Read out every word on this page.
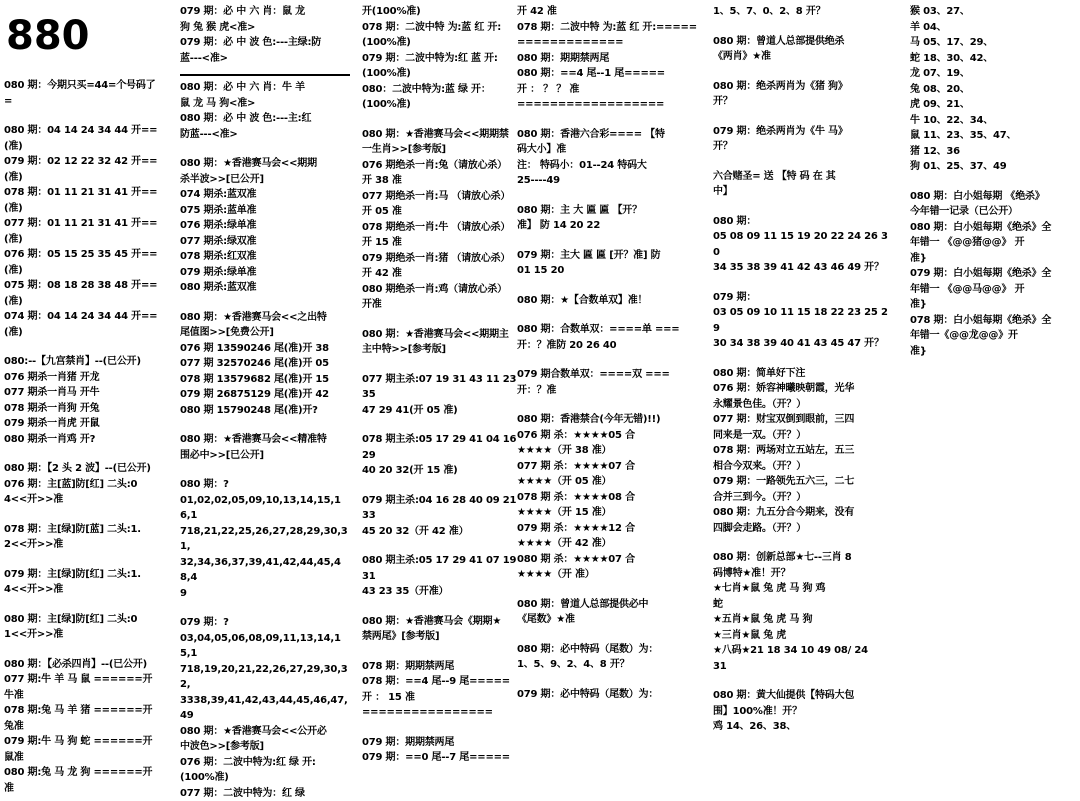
880

080 期：今期只买=44=个号码了

=

080 期：04 14 24 34 44 开==(准)

079 期：02 12 22 32 42 开==(准)

078 期：01 11 21 31 41 开==(准)

077 期：01 11 21 31 41 开==(准)

076 期：05 15 25 35 45 开==(准)

075 期：08 18 28 38 48 开==(准)

074 期：04 14 24 34 44 开==(准)

080:--【九宫禁肖】--(已公开)

076 期杀一肖猪 开龙

077 期杀一肖马 开牛

078 期杀一肖狗 开兔

079 期杀一肖虎 开鼠

080 期杀一肖鸡 开?

080 期：【2 头 2 波】--(已公开)

076 期：主[蓝]防[红] 二头:0

4<<开>>准

078 期：主[绿]防[蓝] 二头:1.

2<<开>>准

079 期：主[绿]防[红] 二头:1.

4<<开>>准

080 期：主[绿]防[红] 二头:0

1<<开>>准

080 期：【必杀四肖】--(已公开)

077 期:牛 羊 马 鼠 ======开

牛准

078 期:兔 马 羊 猪 ======开

兔准

079 期:牛 马 狗 蛇 ======开

鼠准

080 期:兔 马 龙 狗 ======开

准

079 期：必 中 六 肖：鼠 龙

狗 兔 猴 虎<准>

079 期：必 中 波 色:---主绿:防

蓝---<准>

080 期：必 中 六 肖：牛 羊

鼠 龙 马 狗<准>

080 期：必 中 波 色:---主:红

防蓝---<准>

080 期：★香港赛马会<<期期

杀半波>>[已公开]

074 期杀:蓝双准

075 期杀:蓝单准

076 期杀:绿单准

077 期杀:绿双准

078 期杀:红双准

079 期杀:绿单准

080 期杀:蓝双准

080 期：★香港赛马会<<之出特

尾值图>>[免费公开]

076 期 13590246 尾(准)开 38

077 期 32570246 尾(准)开 05

078 期 13579682 尾(准)开 15

079 期 26875129 尾(准)开 42

080 期 15790248 尾(准)开?

080 期：★香港赛马会<<精准特

围必中>>[已公开]

080 期：?

01,02,02,05,09,10,13,14,15,16,1

718,21,22,25,26,27,28,29,30,31,

32,34,36,37,39,41,42,44,45,48,4

9

079 期：?

03,04,05,06,08,09,11,13,14,15,1

718,19,20,21,22,26,27,29,30,32,

3338,39,41,42,43,44,45,46,47,49

080 期：★香港赛马会<<公开必

中波色>>[参考版]

076 期：二波中特为:红 绿 开:

(100%准)

077 期：二波中特为：红 绿

开(100%准)

078 期：二波中特 为:蓝 红 开:

(100%准)

079 期：二波中特为:红 蓝 开:

(100%准)

080：二波中特为:蓝 绿 开：

(100%准)

080 期：★香港赛马会<<期期禁

一生肖>>[参考版]

076 期绝杀一肖:兔（请放心杀）

开 38 准

077 期绝杀一肖:马 （请放心杀）

开 05 准

078 期绝杀一肖:牛 （请放心杀）

开 15 准

079 期绝杀一肖:猪 （请放心杀）

开 42 准

080 期绝杀一肖:鸡（请放心杀）

开准

080 期：★香港赛马会<<期期主

主中特>>[参考版]

077 期主杀:07 19 31 43 11 23 35

47 29 41(开 05 准)

078 期主杀:05 17 29 41 04 16 29

40 20 32(开 15 准)

079 期主杀:04 16 28 40 09 21 33

45 20 32（开 42 准）

080 期主杀:05 17 29 41 07 19 31

43 23 35（开准）

080 期：★香港赛马会《期期★

禁两尾》[参考版]

078 期：期期禁两尾

078 期：==4 尾--9 尾=====

开 ： 15 准

================

079 期：期期禁两尾

079 期：==0 尾--7 尾=====

开 42 准

078 期：二波中特 为:蓝 红 开:==================

080 期：期期禁两尾

080 期：==4 尾--1 尾=====

开 ： ？ ？ 准

==================

080 期：香港六合彩==== 【特

码大小】准

注： 特码小：01--24 特码大

25----49

080 期：主 大 匾 匾 【开？

准】 防 14 20 22

079 期：主大 匾 匾 [开？准] 防

01 15 20

080 期：★【合数单双】准！

080 期：合数单双：====单 ===

开：？准防 20 26 40

079 期合数单双：====双 ===

开：？准

080 期：香港禁合(今年无错)!!)

076 期 杀：★★★★05 合

★★★★（开 38 准）

077 期 杀：★★★★07 合

★★★★（开 05 准）

078 期 杀：★★★★08 合

★★★★（开 15 准）

079 期 杀：★★★★12 合

★★★★（开 42 准）

080 期 杀：★★★★07 合

★★★★（开 准）

080 期：曾道人总部提供必中

《尾数》★准

080 期：必中特码（尾数）为：

1、5、9、2、4、8 开？

079 期：必中特码（尾数）为：

1、5、7、0、2、8 开？

080 期：曾道人总部提供绝杀

《两肖》★准

080 期：绝杀两肖为《猪 狗》

开？

079 期：绝杀两肖为《牛 马》

开？

六合赌圣= 送 【特 码 在 其

中】

080 期：

05 08 09 11 15 19 20 22 24 26 30

34 35 38 39 41 42 43 46 49 开？

079 期：

03 05 09 10 11 15 18 22 23 25 29

30 34 38 39 40 41 43 45 47 开？

080 期：简单好下注

076 期：娇容神曦映朝霞，光华

永耀景色佳。（开？）

077 期：财宝双倒到眼前，三四

同来是一双。（开？）

078 期：两场对立五站左，五三

相合今双来。（开？）

079 期：一路领先五六三，二七

合并三到今。（开？）

080 期：九五分合今期来，没有

四脚会走路。（开？）

080 期：创新总部★七--三肖 8

码博特★准！开？

★七肖★鼠 兔 虎 马 狗 鸡

蛇

★五肖★鼠 兔 虎 马 狗

★三肖★鼠 兔 虎

★八码★21 18 34 10 49 08/ 24

31

080 期：黄大仙提供【特码大包

围】100%准！开？

鸡 14、26、38、

猴 03、27、

羊 04、

马 05、17、29、

蛇 18、30、42、

龙 07、19、

兔 08、20、

虎 09、21、

牛 10、22、34、

鼠 11、23、35、47、

猪 12、36

狗 01、25、37、49

080 期：白小姐每期 《绝杀》

今年错一记录（已公开）

080 期：白小姐每期《绝杀》全

年错一 《@@猪@@》 开

准}

079 期：白小姐每期《绝杀》全

年错一 《@@马@@》 开

准}

078 期：白小姐每期《绝杀》全

年错一《@@龙@@》开

准}
